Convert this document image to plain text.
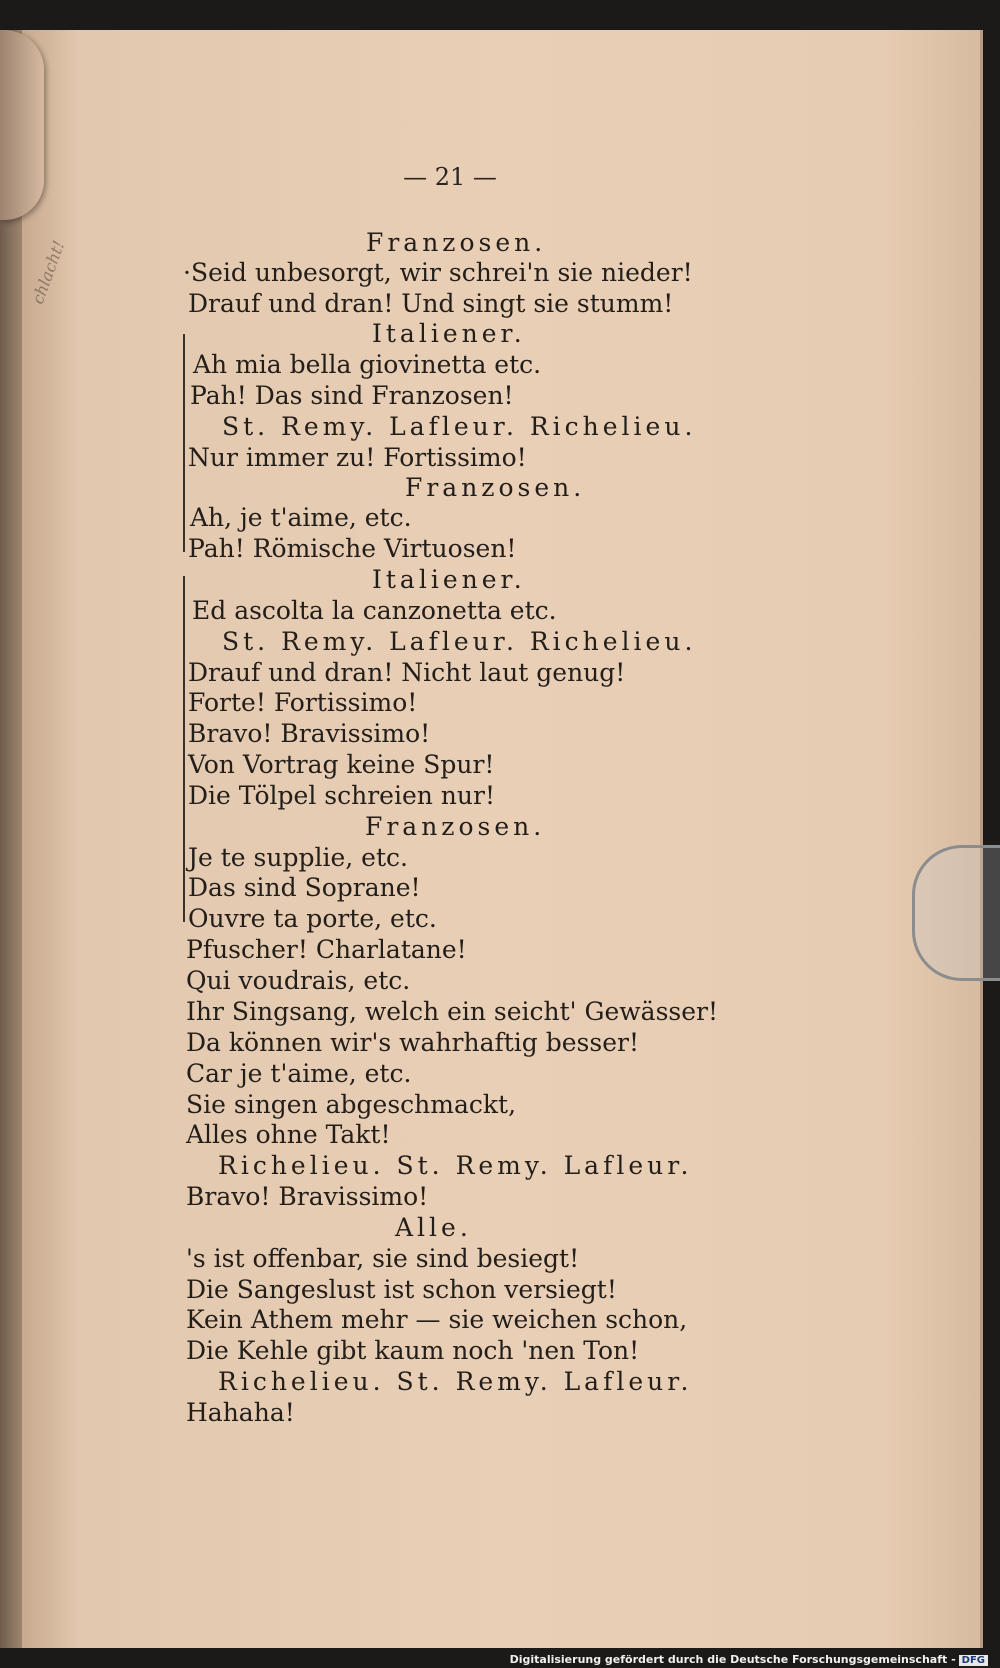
chlacht!
— 21 —
Franzosen.
·Seid unbesorgt, wir schrei'n sie nieder!
Drauf und dran! Und singt sie stumm!
Italiener.
Ah mia bella giovinetta etc.
Pah! Das sind Franzosen!
St. Remy. Lafleur. Richelieu.
Nur immer zu! Fortissimo!
Franzosen.
Ah, je t'aime, etc.
Pah! Römische Virtuosen!
Italiener.
Ed ascolta la canzonetta etc.
St. Remy. Lafleur. Richelieu.
Drauf und dran! Nicht laut genug!
Forte! Fortissimo!
Bravo! Bravissimo!
Von Vortrag keine Spur!
Die Tölpel schreien nur!
Franzosen.
Je te supplie, etc.
Das sind Soprane!
Ouvre ta porte, etc.
Pfuscher! Charlatane!
Qui voudrais, etc.
Ihr Singsang, welch ein seicht' Gewässer!
Da können wir's wahrhaftig besser!
Car je t'aime, etc.
Sie singen abgeschmackt,
Alles ohne Takt!
Richelieu. St. Remy. Lafleur.
Bravo! Bravissimo!
Alle.
's ist offenbar, sie sind besiegt!
Die Sangeslust ist schon versiegt!
Kein Athem mehr — sie weichen schon,
Die Kehle gibt kaum noch 'nen Ton!
Richelieu. St. Remy. Lafleur.
Hahaha!
Digitalisierung gefördert durch die Deutsche Forschungsgemeinschaft - DFG
